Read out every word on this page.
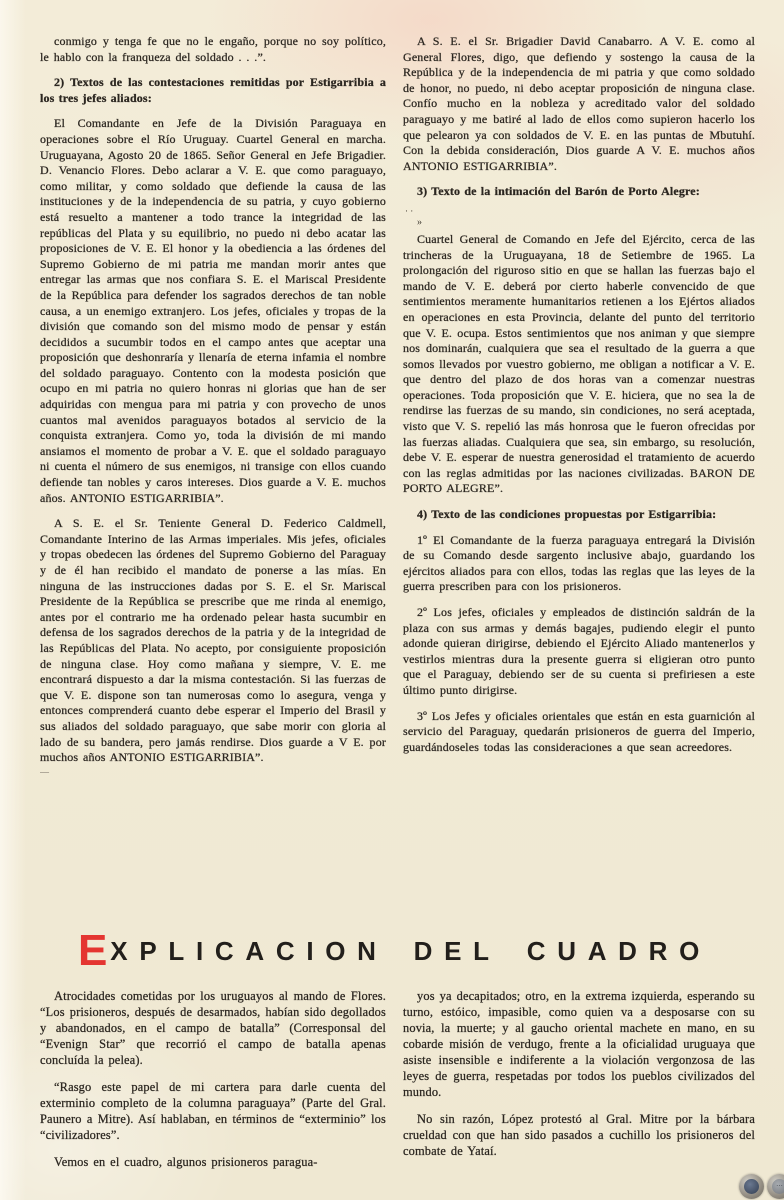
conmigo y tenga fe que no le engaño, porque no soy político, le hablo con la franqueza del soldado . . .”.

2) Textos de las contestaciones remitidas por Estigarribia a los tres jefes aliados:

El Comandante en Jefe de la División Paraguaya en operaciones sobre el Río Uruguay. Cuartel General en marcha. Uruguayana, Agosto 20 de 1865. Señor General en Jefe Brigadier. D. Venancio Flores. Debo aclarar a V. E. que como paraguayo, como militar, y como soldado que defiende la causa de las instituciones y de la independencia de su patria, y cuyo gobierno está resuelto a mantener a todo trance la integridad de las repúblicas del Plata y su equilibrio, no puedo ni debo acatar las proposiciones de V. E. El honor y la obediencia a las órdenes del Supremo Gobierno de mi patria me mandan morir antes que entregar las armas que nos confiara S. E. el Mariscal Presidente de la República para defender los sagrados derechos de tan noble causa, a un enemigo extranjero. Los jefes, oficiales y tropas de la división que comando son del mismo modo de pensar y están decididos a sucumbir todos en el campo antes que aceptar una proposición que deshonraría y llenaría de eterna infamia el nombre del soldado paraguayo. Contento con la modesta posición que ocupo en mi patria no quiero honras ni glorias que han de ser adquiridas con mengua para mi patria y con provecho de unos cuantos mal avenidos paraguayos botados al servicio de la conquista extranjera. Como yo, toda la división de mi mando ansiamos el momento de probar a V. E. que el soldado paraguayo ni cuenta el número de sus enemigos, ni transige con ellos cuando defiende tan nobles y caros intereses. Dios guarde a V. E. muchos años. ANTONIO ESTIGARRIBIA”.

A S. E. el Sr. Teniente General D. Federico Caldmell, Comandante Interino de las Armas imperiales. Mis jefes, oficiales y tropas obedecen las órdenes del Supremo Gobierno del Paraguay y de él han recibido el mandato de ponerse a las mías. En ninguna de las instrucciones dadas por S. E. el Sr. Mariscal Presidente de la República se prescribe que me rinda al enemigo, antes por el contrario me ha ordenado pelear hasta sucumbir en defensa de los sagrados derechos de la patria y de la integridad de las Repúblicas del Plata. No acepto, por consiguiente proposición de ninguna clase. Hoy como mañana y siempre, V. E. me encontrará dispuesto a dar la misma contestación. Si las fuerzas de que V. E. dispone son tan numerosas como lo asegura, venga y entonces comprenderá cuanto debe esperar el Imperio del Brasil y sus aliados del soldado paraguayo, que sabe morir con gloria al lado de su bandera, pero jamás rendirse. Dios guarde a V E. por muchos años ANTONIO ESTIGARRIBIA”.

—

A S. E. el Sr. Brigadier David Canabarro. A V. E. como al General Flores, digo, que defiendo y sostengo la causa de la República y de la independencia de mi patria y que como soldado de honor, no puedo, ni debo aceptar proposición de ninguna clase. Confío mucho en la nobleza y acreditado valor del soldado paraguayo y me batiré al lado de ellos como supieron hacerlo los que pelearon ya con soldados de V. E. en las puntas de Mbutuhí. Con la debida consideración, Dios guarde A V. E. muchos años ANTONIO ESTIGARRIBIA”.

3) Texto de la intimación del Barón de Porto Alegre:

· ·
»

Cuartel General de Comando en Jefe del Ejército, cerca de las trincheras de la Uruguayana, 18 de Setiembre de 1965. La prolongación del riguroso sitio en que se hallan las fuerzas bajo el mando de V. E. deberá por cierto haberle convencido de que sentimientos meramente humanitarios retienen a los Ejértos aliados en operaciones en esta Provincia, delante del punto del territorio que V. E. ocupa. Estos sentimientos que nos animan y que siempre nos dominarán, cualquiera que sea el resultado de la guerra a que somos llevados por vuestro gobierno, me obligan a notificar a V. E. que dentro del plazo de dos horas van a comenzar nuestras operaciones. Toda proposición que V. E. hiciera, que no sea la de rendirse las fuerzas de su mando, sin condiciones, no será aceptada, visto que V. S. repelió las más honrosa que le fueron ofrecidas por las fuerzas aliadas. Cualquiera que sea, sin embargo, su resolución, debe V. E. esperar de nuestra generosidad el tratamiento de acuerdo con las reglas admitidas por las naciones civilizadas. BARON DE PORTO ALEGRE”.

4) Texto de las condiciones propuestas por Estigarribia:

1º El Comandante de la fuerza paraguaya entregará la División de su Comando desde sargento inclusive abajo, guardando los ejércitos aliados para con ellos, todas las reglas que las leyes de la guerra prescriben para con los prisioneros.

2º Los jefes, oficiales y empleados de distinción saldrán de la plaza con sus armas y demás bagajes, pudiendo elegir el punto adonde quieran dirigirse, debiendo el Ejército Aliado mantenerlos y vestirlos mientras dura la presente guerra si eligieran otro punto que el Paraguay, debiendo ser de su cuenta si prefiriesen a este último punto dirigirse.

3º Los Jefes y oficiales orientales que están en esta guarnición al servicio del Paraguay, quedarán prisioneros de guerra del Imperio, guardándoseles todas las consideraciones a que sean acreedores.

E XPLICACION DEL CUADRO

Atrocidades cometidas por los uruguayos al mando de Flores. “Los prisioneros, después de desarmados, habían sido degollados y abandonados, en el campo de batalla” (Corresponsal del “Evenign Star” que recorrió el campo de batalla apenas concluída la pelea).

“Rasgo este papel de mi cartera para darle cuenta del exterminio completo de la columna paraguaya” (Parte del Gral. Paunero a Mitre). Así hablaban, en términos de “exterminio” los “civilizadores”.

Vemos en el cuadro, algunos prisioneros paragua-

yos ya decapitados; otro, en la extrema izquierda, esperando su turno, estóico, impasible, como quien va a desposarse con su novia, la muerte; y al gaucho oriental machete en mano, en su cobarde misión de verdugo, frente a la oficialidad uruguaya que asiste insensible e indiferente a la violación vergonzosa de las leyes de guerra, respetadas por todos los pueblos civilizados del mundo.

No sin razón, López protestó al Gral. Mitre por la bárbara crueldad con que han sido pasados a cuchillo los prisioneros del combate de Yataí.

···
